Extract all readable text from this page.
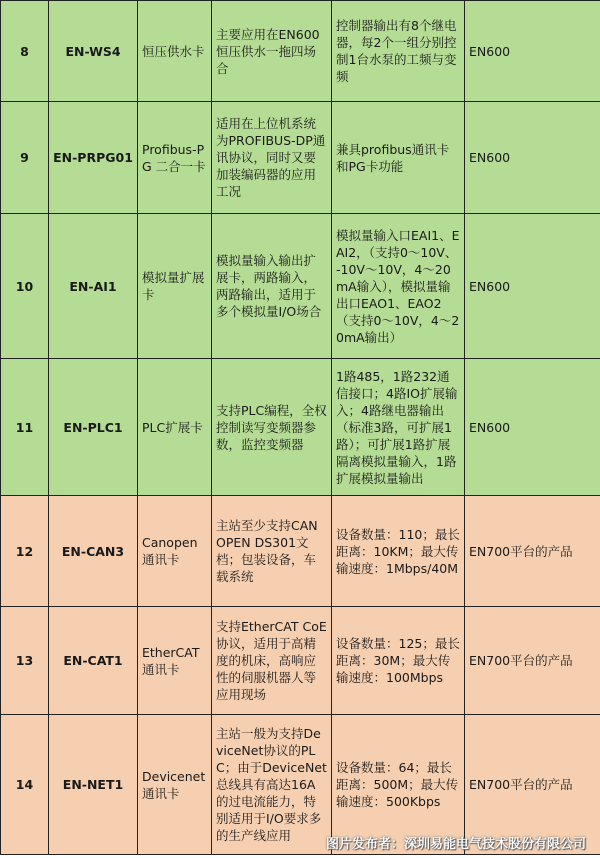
8	EN-WS4	恒压供水卡	主要应用在EN600恒压供水一拖四场合	控制器输出有8个继电器，每2个一组分别控制1台水泵的工频与变频	EN600
9	EN-PRPG01	Profibus-PG 二合一卡	适用在上位机系统为PROFIBUS-DP通讯协议，同时又要加装编码器的应用工况	兼具profibus通讯卡和PG卡功能	EN600
10	EN-AI1	模拟量扩展卡	模拟量输入输出扩展卡，两路输入，两路输出，适用于多个模拟量I/O场合	模拟量输入口EAI1、EAI2，（支持0～10V、-10V～10V，4～20mA输入），模拟量输出口EAO1、EAO2（支持0～10V，4～20mA输出）	EN600
11	EN-PLC1	PLC扩展卡	支持PLC编程，全权控制读写变频器参数，监控变频器	1路485，1路232通信接口；4路IO扩展输入；4路继电器输出（标准3路，可扩展1路）；可扩展1路扩展隔离模拟量输入，1路扩展模拟量输出	EN600
12	EN-CAN3	Canopen通讯卡	主站至少支持CANOPEN DS301文档；包装设备，车载系统	设备数量：110；最长距离：10KM；最大传输速度：1Mbps/40M	EN700平台的产品
13	EN-CAT1	EtherCAT通讯卡	支持EtherCAT CoE协议，适用于高精度的机床，高响应性的伺服机器人等应用现场	设备数量：125；最长距离：30M；最大传输速度：100Mbps	EN700平台的产品
14	EN-NET1	Devicenet通讯卡	主站一般为支持DeviceNet协议的PLC；由于DeviceNet总线具有高达16A的过电流能力，特别适用于I/O要求多的生产线应用	设备数量：64；最长距离：500M；最大传输速度：500Kbps	EN700平台的产品
图片发布者：深圳易能电气技术股份有限公司
